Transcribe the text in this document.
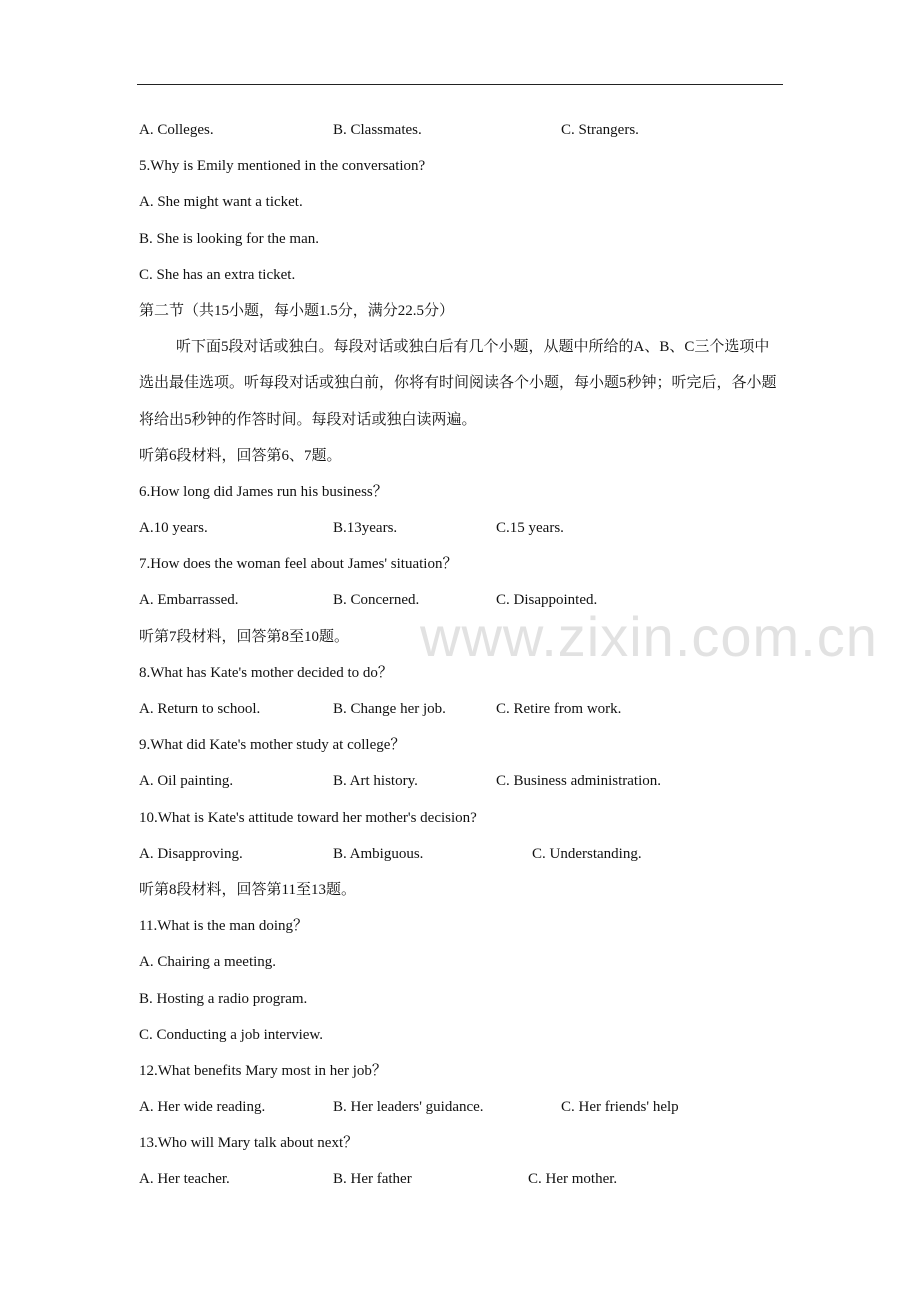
A. Colleges.	B. Classmates.	C. Strangers.
5.Why is Emily mentioned in the conversation?
A. She might want a ticket.
B. She is looking for the man.
C. She has an extra ticket.
第二节（共15小题，每小题1.5分，满分22.5分）
听下面5段对话或独白。每段对话或独白后有几个小题，从题中所给的A、B、C三个选项中选出最佳选项。听每段对话或独白前，你将有时间阅读各个小题，每小题5秒钟；听完后，各小题将给出5秒钟的作答时间。每段对话或独白读两遍。
听第6段材料，回答第6、7题。
6.How long did James run his business？
A.10 years.	B.13years.	C.15 years.
7.How does the woman feel about James' situation？
A. Embarrassed.	B. Concerned.	C. Disappointed.
听第7段材料，回答第8至10题。
8.What has Kate's mother decided to do？
A. Return to school.	B. Change her job.	C. Retire from work.
9.What did Kate's mother study at college？
A. Oil painting.	B. Art history.	C. Business administration.
10.What is Kate's attitude toward her mother's decision?
A. Disapproving.	B. Ambiguous.	C. Understanding.
听第8段材料，回答第11至13题。
11.What is the man doing？
A. Chairing a meeting.
B. Hosting a radio program.
C. Conducting a job interview.
12.What benefits Mary most in her job？
A. Her wide reading.	B. Her leaders' guidance.	C. Her friends' help
13.Who will Mary talk about next？
A. Her teacher.	B. Her father	C. Her mother.
www.zixin.com.cn
